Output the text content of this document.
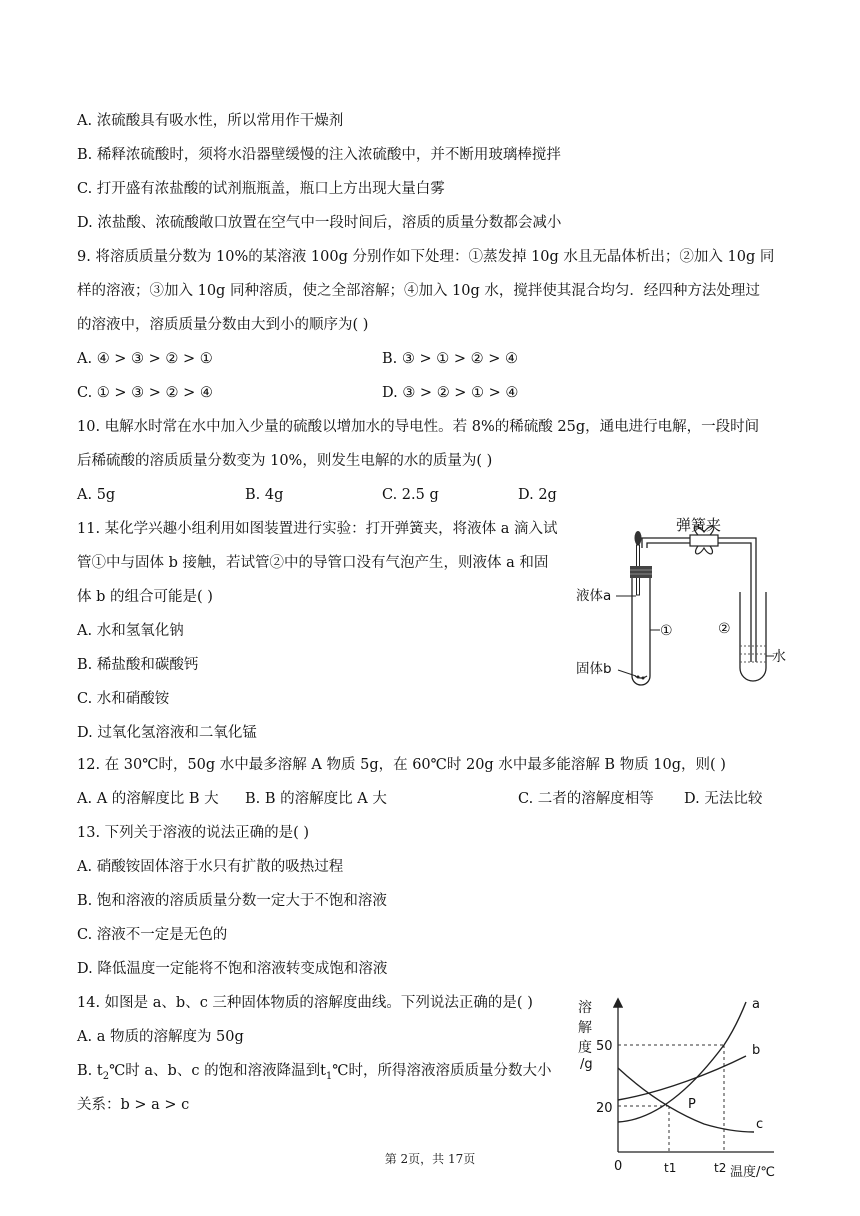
A. 浓硫酸具有吸水性，所以常用作干燥剂
B. 稀释浓硫酸时，须将水沿器壁缓慢的注入浓硫酸中，并不断用玻璃棒搅拌
C. 打开盛有浓盐酸的试剂瓶瓶盖，瓶口上方出现大量白雾
D. 浓盐酸、浓硫酸敞口放置在空气中一段时间后，溶质的质量分数都会减小
9. 将溶质质量分数为 10%的某溶液 100g 分别作如下处理：①蒸发掉 10g 水且无晶体析出；②加入 10g 同
样的溶液；③加入 10g 同种溶质，使之全部溶解；④加入 10g 水，搅拌使其混合均匀．经四种方法处理过
的溶液中，溶质质量分数由大到小的顺序为( )
A. ④ > ③ > ② > ①	B. ③ > ① > ② > ④
C. ① > ③ > ② > ④	D. ③ > ② > ① > ④
10. 电解水时常在水中加入少量的硫酸以增加水的导电性。若 8%的稀硫酸 25g，通电进行电解，一段时间
后稀硫酸的溶质质量分数变为 10%，则发生电解的水的质量为( )
A. 5g	B. 4g	C. 2.5 g	D. 2g
11. 某化学兴趣小组利用如图装置进行实验：打开弹簧夹，将液体 a 滴入试
管①中与固体 b 接触，若试管②中的导管口没有气泡产生，则液体 a 和固
体 b 的组合可能是( )
A. 水和氢氧化钠
B. 稀盐酸和碳酸钙
C. 水和硝酸铵
D. 过氧化氢溶液和二氧化锰
弹簧夹
液体a
①
固体b
②
水
12. 在 30℃时，50g 水中最多溶解 A 物质 5g，在 60℃时 20g 水中最多能溶解 B 物质 10g，则( )
A. A 的溶解度比 B 大 B. B 的溶解度比 A 大	C. 二者的溶解度相等 D. 无法比较
13. 下列关于溶液的说法正确的是( )
A. 硝酸铵固体溶于水只有扩散的吸热过程
B. 饱和溶液的溶质质量分数一定大于不饱和溶液
C. 溶液不一定是无色的
D. 降低温度一定能将不饱和溶液转变成饱和溶液
14. 如图是 a、b、c 三种固体物质的溶解度曲线。下列说法正确的是( )
A. a 物质的溶解度为 50g
B. $t_2℃$时 a、b、c 的饱和溶液降温到$t_1℃$时，所得溶液溶质质量分数大小
关系：b > a > c
溶
解
度
/g
50
20
0	t1	t2 温度/℃
a
b
c
P
第 2页，共 17页
